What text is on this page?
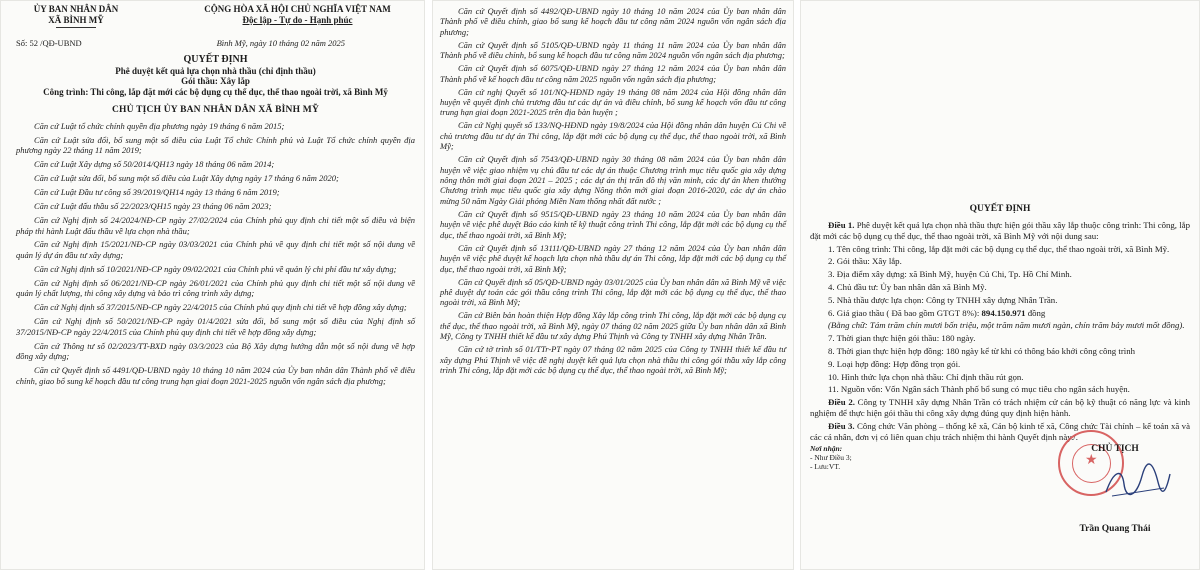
ỦY BAN NHÂN DÂN
XÃ BÌNH MỸ
CỘNG HÒA XÃ HỘI CHỦ NGHĨA VIỆT NAM
Độc lập - Tự do - Hạnh phúc
Số: 52 /QĐ-UBND	Bình Mỹ, ngày 10 tháng 02 năm 2025
QUYẾT ĐỊNH
Phê duyệt kết quả lựa chọn nhà thầu (chỉ định thầu)
Gói thầu: Xây lắp
Công trình: Thi công, lắp đặt mới các bộ dụng cụ thể dục, thể thao ngoài trời, xã Bình Mỹ
CHỦ TỊCH ỦY BAN NHÂN DÂN XÃ BÌNH MỸ

Căn cứ Luật tổ chức chính quyền địa phương ngày 19 tháng 6 năm 2015;

Căn cứ Luật sửa đổi, bổ sung một số điều của Luật Tổ chức Chính phủ và Luật Tổ chức chính quyền địa phương ngày 22 tháng 11 năm 2019;

Căn cứ Luật Xây dựng số 50/2014/QH13 ngày 18 tháng 06 năm 2014;

Căn cứ Luật sửa đổi, bổ sung một số điều của Luật Xây dựng ngày 17 tháng 6 năm 2020;

Căn cứ Luật Đầu tư công số 39/2019/QH14 ngày 13 tháng 6 năm 2019;

Căn cứ Luật đấu thầu số 22/2023/QH15 ngày 23 tháng 06 năm 2023;

Căn cứ Nghị định số 24/2024/NĐ-CP ngày 27/02/2024 của Chính phủ quy định chi tiết một số điều và biện pháp thi hành Luật đấu thầu về lựa chọn nhà thầu;

Căn cứ Nghị định 15/2021/NĐ-CP ngày 03/03/2021 của Chính phủ về quy định chi tiết một số nội dung về quản lý dự án đầu tư xây dựng;

Căn cứ Nghị định số 10/2021/NĐ-CP ngày 09/02/2021 của Chính phủ về quản lý chi phí đầu tư xây dựng;

Căn cứ Nghị định số 06/2021/NĐ-CP ngày 26/01/2021 của Chính phủ quy định chi tiết một số nội dung về quản lý chất lượng, thi công xây dựng và bảo trì công trình xây dựng;

Căn cứ Nghị định số 37/2015/NĐ-CP ngày 22/4/2015 của Chính phủ quy định chi tiết về hợp đồng xây dựng;

Căn cứ Nghị định số 50/2021/NĐ-CP ngày 01/4/2021 sửa đổi, bổ sung một số điều của Nghị định số 37/2015/NĐ-CP ngày 22/4/2015 của Chính phủ quy định chi tiết về hợp đồng xây dựng;

Căn cứ Thông tư số 02/2023/TT-BXD ngày 03/3/2023 của Bộ Xây dựng hướng dẫn một số nội dung về hợp đồng xây dựng;

Căn cứ Quyết định số 4491/QĐ-UBND ngày 10 tháng 10 năm 2024 của Ủy ban nhân dân Thành phố về điều chỉnh, giao bổ sung kế hoạch đầu tư công trung hạn giai đoạn 2021-2025 nguồn vốn ngân sách địa phương;

Căn cứ Quyết định số 4492/QĐ-UBND ngày 10 tháng 10 năm 2024 của Ủy ban nhân dân Thành phố về điều chỉnh, giao bổ sung kế hoạch đầu tư công năm 2024 nguồn vốn ngân sách địa phương;

Căn cứ Quyết định số 5105/QĐ-UBND ngày 11 tháng 11 năm 2024 của Ủy ban nhân dân Thành phố về điều chỉnh, bổ sung kế hoạch đầu tư công năm 2024 nguồn vốn ngân sách địa phương;

Căn cứ Quyết định số 6075/QĐ-UBND ngày 27 tháng 12 năm 2024 của Ủy ban nhân dân Thành phố về kế hoạch đầu tư công năm 2025 nguồn vốn ngân sách địa phương;

Căn cứ nghị Quyết số 101/NQ-HĐND ngày 19 tháng 08 năm 2024 của Hội đồng nhân dân huyện về quyết định chủ trương đầu tư các dự án và điều chỉnh, bổ sung kế hoạch vốn đầu tư công trung hạn giai đoạn 2021-2025 trên địa bàn huyện ;

Căn cứ Nghị quyết số 133/NQ-HĐND ngày 19/8/2024 của Hội đồng nhân dân huyện Củ Chi về chủ trương đầu tư dự án Thi công, lắp đặt mới các bộ dụng cụ thể dục, thể thao ngoài trời, xã Bình Mỹ;

Căn cứ Quyết định số 7543/QĐ-UBND ngày 30 tháng 08 năm 2024 của Ủy ban nhân dân huyện về việc giao nhiệm vụ chủ đầu tư các dự án thuộc Chương trình mục tiêu quốc gia xây dựng nông thôn mới giai đoạn 2021 – 2025 ; các dự án thị trấn đô thị văn minh, các dự án khen thưởng Chương trình mục tiêu quốc gia xây dựng Nông thôn mới giai đoạn 2016-2020, các dự án chào mừng 50 năm Ngày Giải phóng Miền Nam thống nhất đất nước ;

Căn cứ Quyết định số 9515/QĐ-UBND ngày 23 tháng 10 năm 2024 của Ủy ban nhân dân huyện về việc phê duyệt Báo cáo kinh tế kỹ thuật công trình Thi công, lắp đặt mới các bộ dụng cụ thể dục, thể thao ngoài trời, xã Bình Mỹ;

Căn cứ Quyết định số 13111/QĐ-UBND ngày 27 tháng 12 năm 2024 của Ủy ban nhân dân huyện về việc phê duyệt kế hoạch lựa chọn nhà thầu dự án Thi công, lắp đặt mới các bộ dụng cụ thể dục, thể thao ngoài trời, xã Bình Mỹ;

Căn cứ Quyết định số 05/QĐ-UBND ngày 03/01/2025 của Ủy ban nhân dân xã Bình Mỹ về việc phê duyệt dự toán các gói thầu công trình Thi công, lắp đặt mới các bộ dụng cụ thể dục, thể thao ngoài trời, xã Bình Mỹ;

Căn cứ Biên bản hoàn thiện Hợp đồng Xây lắp công trình Thi công, lắp đặt mới các bộ dụng cụ thể dục, thể thao ngoài trời, xã Bình Mỹ, ngày 07 tháng 02 năm 2025 giữa Ủy ban nhân dân xã Bình Mỹ, Công ty TNHH thiết kế đầu tư xây dựng Phú Thịnh và Công ty TNHH xây dựng Nhân Trần.

Căn cứ tờ trình số 01/TTr-PT ngày 07 tháng 02 năm 2025 của Công ty TNHH thiết kế đầu tư xây dựng Phú Thịnh về việc đề nghị duyệt kết quả lựa chọn nhà thầu thi công gói thầu xây lắp công trình Thi công, lắp đặt mới các bộ dụng cụ thể dục, thể thao ngoài trời, xã Bình Mỹ;

QUYẾT ĐỊNH

Điều 1. Phê duyệt kết quả lựa chọn nhà thầu thực hiện gói thầu xây lắp thuộc công trình: Thi công, lắp đặt mới các bộ dụng cụ thể dục, thể thao ngoài trời, xã Bình Mỹ với nội dung sau:

1. Tên công trình: Thi công, lắp đặt mới các bộ dụng cụ thể dục, thể thao ngoài trời, xã Bình Mỹ.

2. Gói thầu: Xây lắp.

3. Địa điểm xây dựng: xã Bình Mỹ, huyện Củ Chi, Tp. Hồ Chí Minh.

4. Chủ đầu tư: Ủy ban nhân dân xã Bình Mỹ.

5. Nhà thầu được lựa chọn: Công ty TNHH xây dựng Nhân Trần.

6. Giá giao thầu ( Đã bao gồm GTGT 8%): 894.150.971 đồng

(Bằng chữ: Tám trăm chín mươi bốn triệu, một trăm năm mươi ngàn, chín trăm bảy mươi mốt đồng).

7. Thời gian thực hiện gói thầu: 180 ngày.

8. Thời gian thực hiện hợp đồng: 180 ngày kể từ khi có thông báo khởi công công trình

9. Loại hợp đồng: Hợp đồng trọn gói.

10. Hình thức lựa chọn nhà thầu: Chỉ định thầu rút gọn.

11. Nguồn vốn: Vốn Ngân sách Thành phố bổ sung có mục tiêu cho ngân sách huyện.

Điều 2. Công ty TNHH xây dựng Nhân Trần có trách nhiệm cử cán bộ kỹ thuật có năng lực và kinh nghiệm để thực hiện gói thầu thi công xây dựng đúng quy định hiện hành.

Điều 3. Công chức Văn phòng – thống kê xã, Cán bộ kinh tế xã, Công chức Tài chính – kế toán xã và các cá nhân, đơn vị có liên quan chịu trách nhiệm thi hành Quyết định này./.

Nơi nhận:
- Như Điều 3;
- Lưu:VT.
CHỦ TỊCH
★
Trần Quang Thái
